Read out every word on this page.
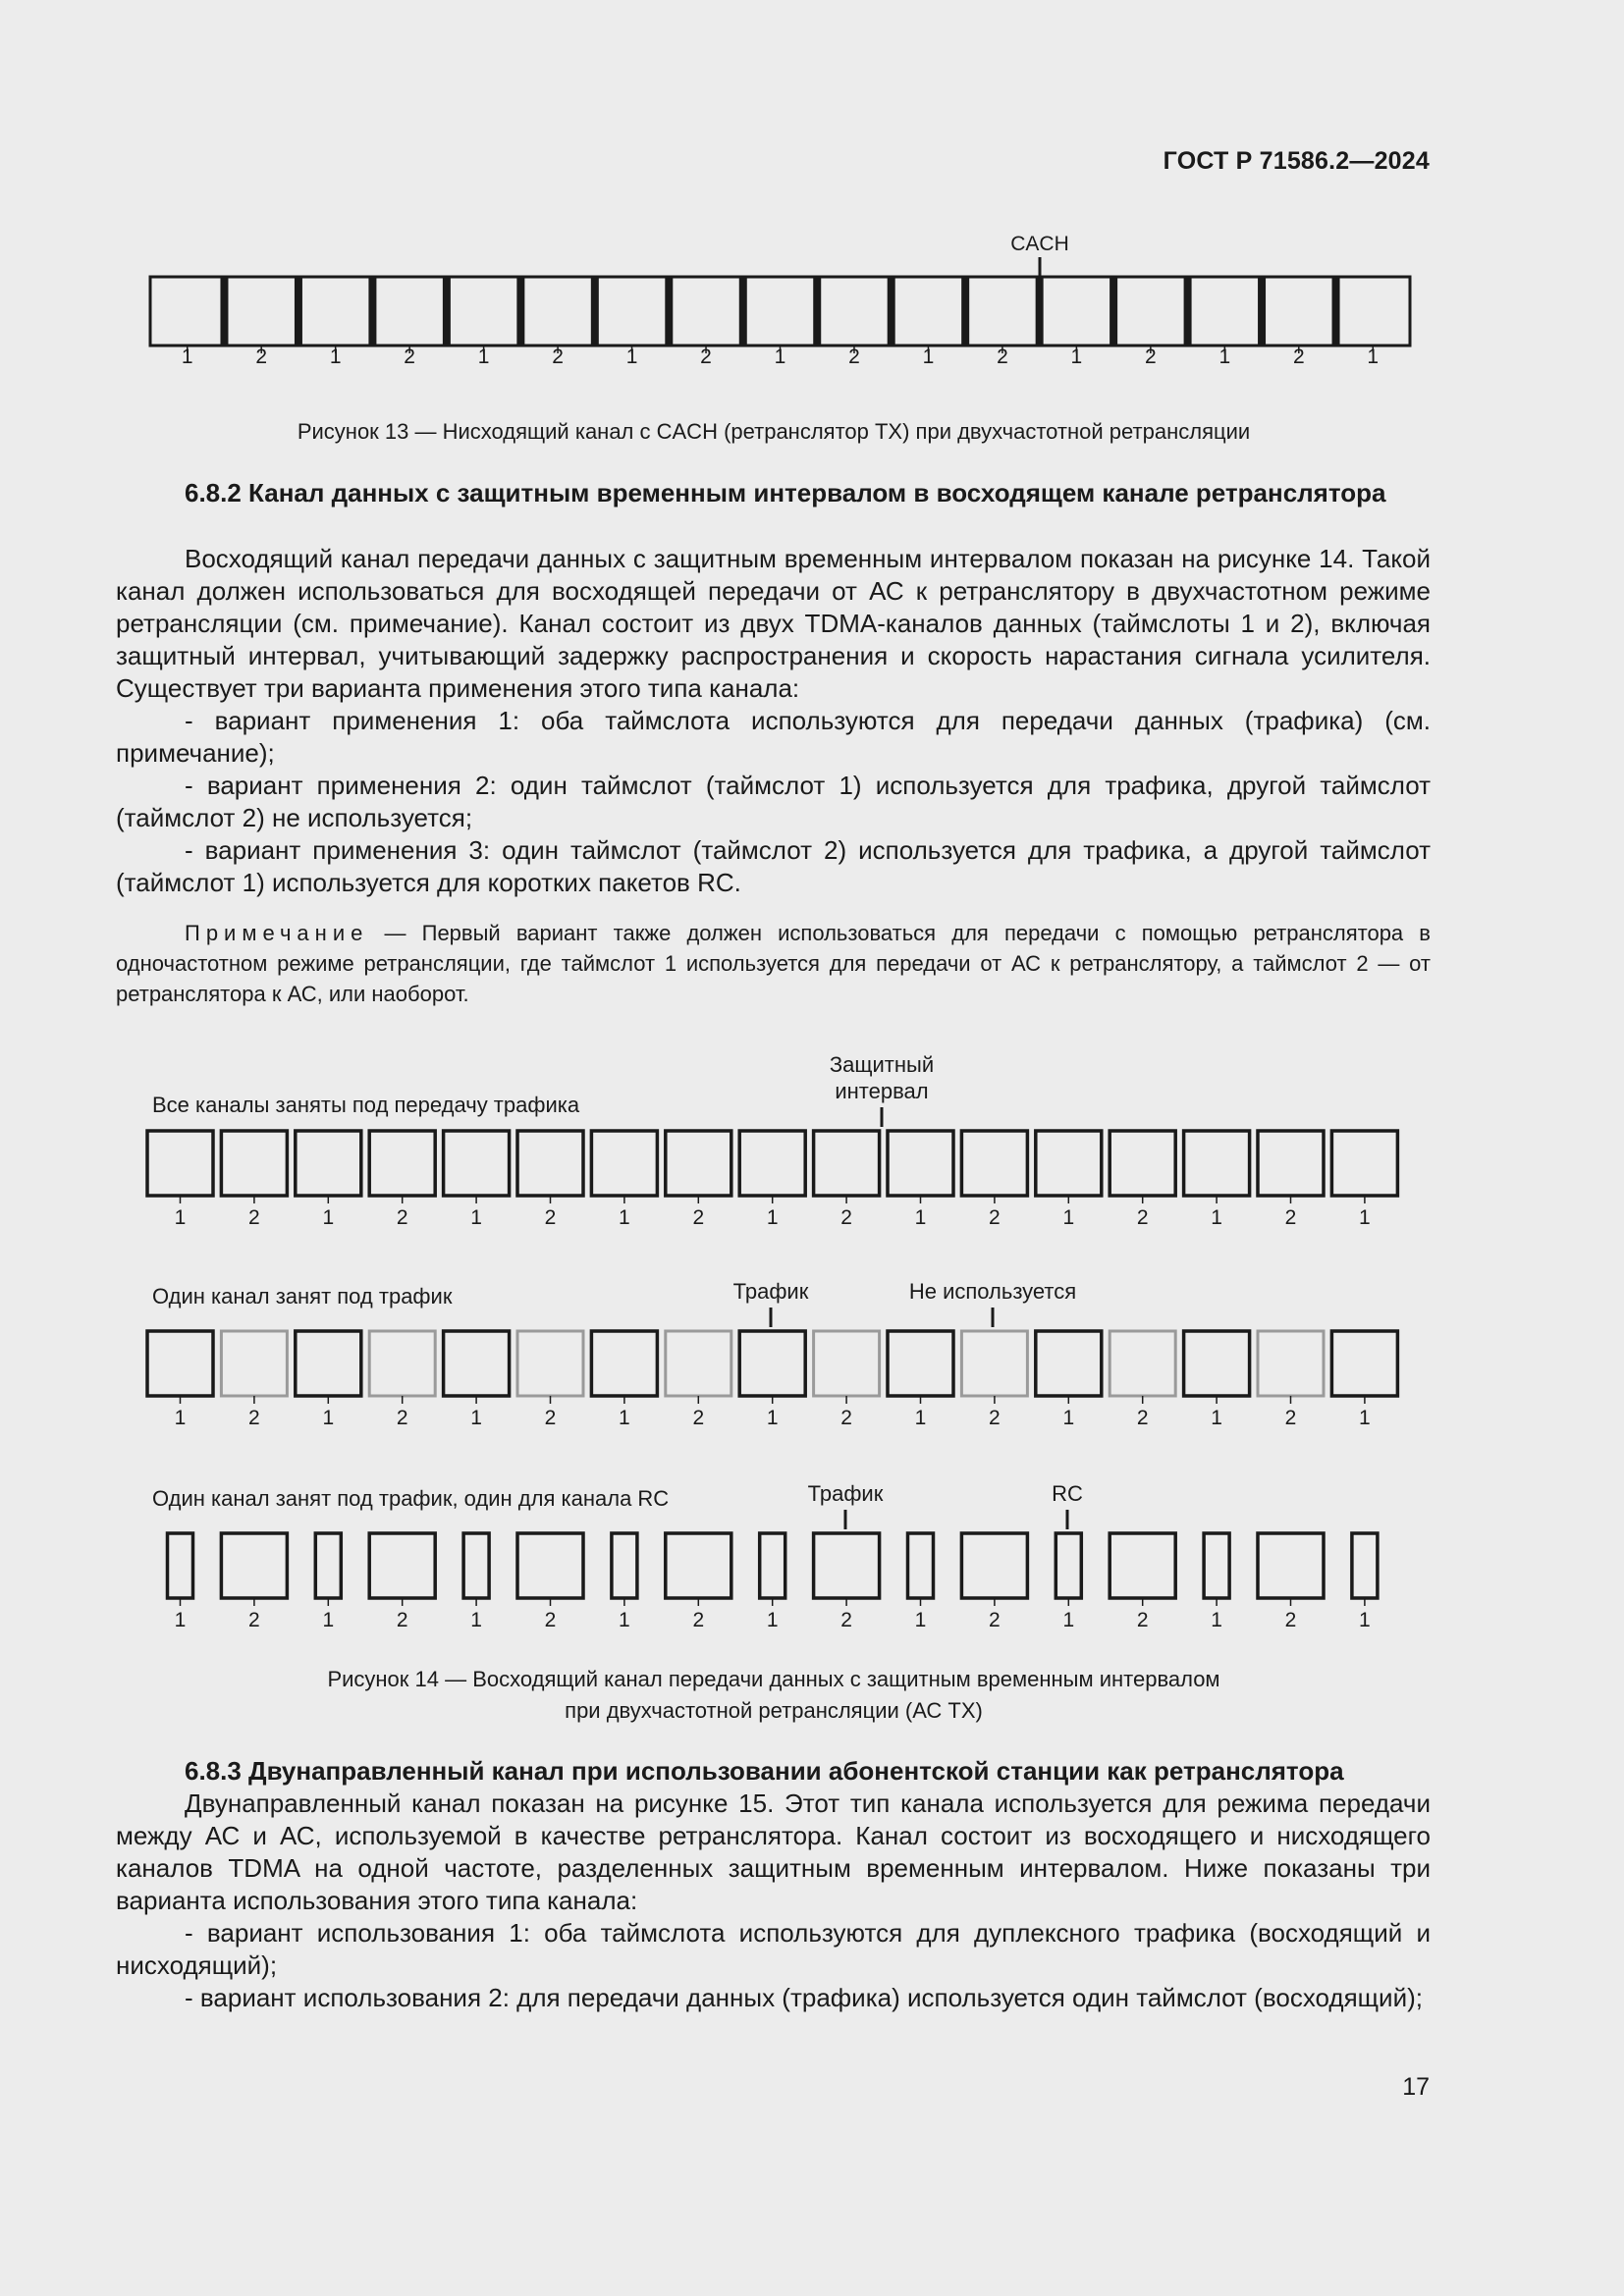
ГОСТ Р 71586.2—2024
CACH
1	2	1	2	1	2	1	2	1	2	1	2	1	2	1	2	1
Рисунок 13 — Нисходящий канал с CACH (ретранслятор TX) при двухчастотной ретрансляции
6.8.2 Канал данных с защитным временным интервалом в восходящем канале ретранслятора

Восходящий канал передачи данных с защитным временным интервалом показан на рисунке 14. Такой канал должен использоваться для восходящей передачи от АС к ретранслятору в двухчастотном режиме ретрансляции (см. примечание). Канал состоит из двух TDMA-каналов данных (таймслоты 1 и 2), включая защитный интервал, учитывающий задержку распространения и скорость нарастания сигнала усилителя. Существует три варианта применения этого типа канала:

- вариант применения 1: оба таймслота используются для передачи данных (трафика) (см. примечание);

- вариант применения 2: один таймслот (таймслот 1) используется для трафика, другой таймслот (таймслот 2) не используется;

- вариант применения 3: один таймслот (таймслот 2) используется для трафика, а другой таймслот (таймслот 1) используется для коротких пакетов RC.

Примечание — Первый вариант также должен использоваться для передачи с помощью ретранслятора в одночастотном режиме ретрансляции, где таймслот 1 используется для передачи от АС к ретранслятору, а таймслот 2 — от ретранслятора к АС, или наоборот.
Все каналы заняты под передачу трафика
Защитный
интервал
Один канал занят под трафик	Трафик	Не используется
Один канал занят под трафик, один для канала RC	Трафик	RC
1	2	1	2	1	2	1	2	1	2	1	2	1	2	1	2	1
1	2	1	2	1	2	1	2	1	2	1	2	1	2	1	2	1
1	2	1	2	1	2	1	2	1	2	1	2	1	2	1	2	1
Рисунок 14 — Восходящий канал передачи данных с защитным временным интервалом
при двухчастотной ретрансляции (АС TX)
6.8.3 Двунаправленный канал при использовании абонентской станции как ретранслятора

Двунаправленный канал показан на рисунке 15. Этот тип канала используется для режима передачи между АС и АС, используемой в качестве ретранслятора. Канал состоит из восходящего и нисходящего каналов TDMA на одной частоте, разделенных защитным временным интервалом. Ниже показаны три варианта использования этого типа канала:

- вариант использования 1: оба таймслота используются для дуплексного трафика (восходящий и нисходящий);

- вариант использования 2: для передачи данных (трафика) используется один таймслот (восходящий);

17
